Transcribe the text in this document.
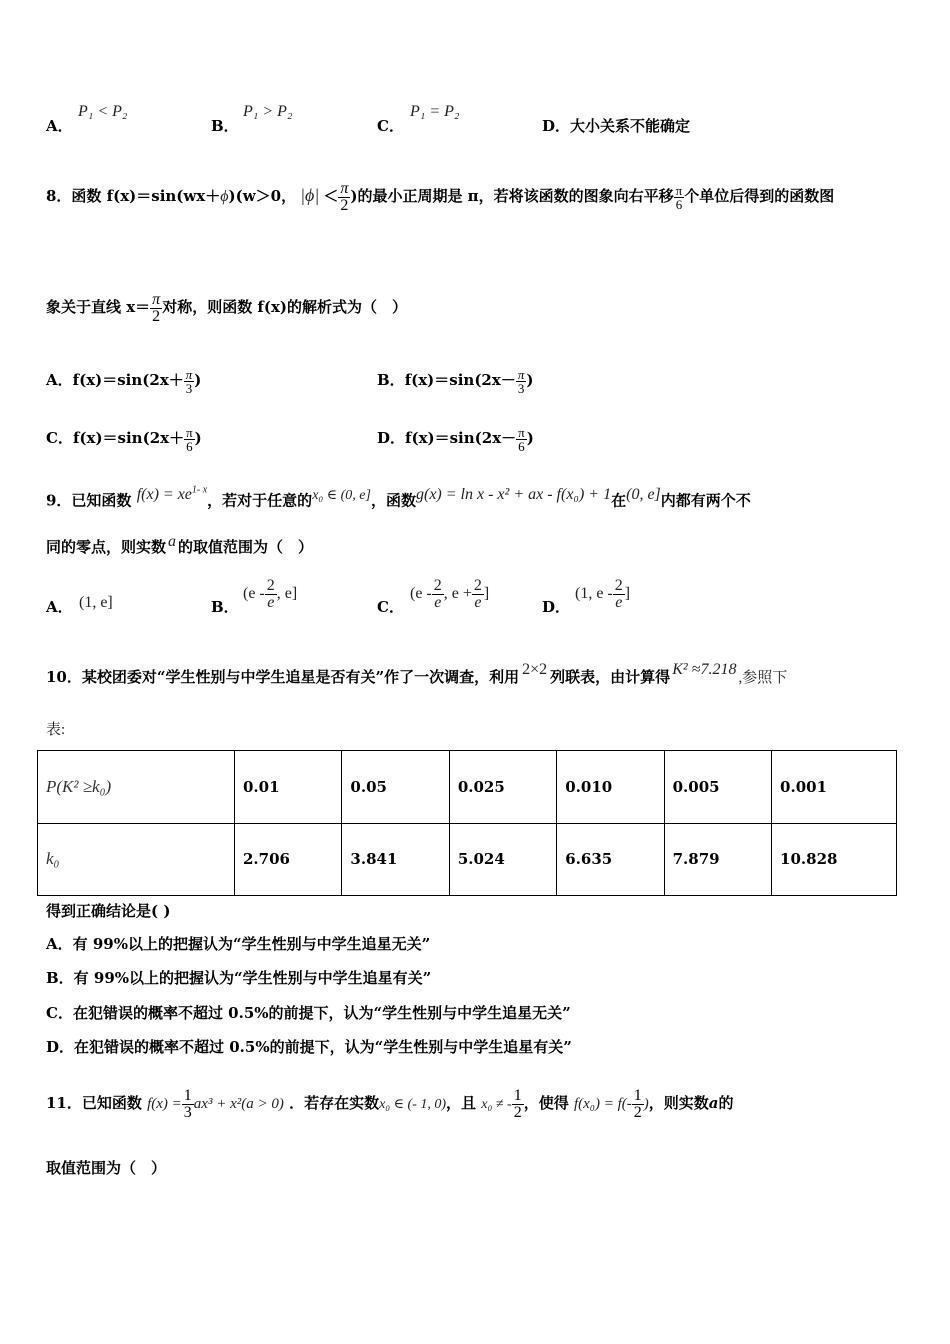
A．
P₁ < P₂
B．
P₁ > P₂
C．
P₁ = P₂
D．大小关系不能确定
8．函数 f(x)＝sin(wx＋ϕ)(w＞0， $|\phi| < \frac{\pi}{2}$ )的最小正周期是 π，若将该函数的图象向右平移 $\frac{\pi}{6}$ 个单位后得到的函数图
象关于直线 $x= \frac{\pi}{2}$ 对称，则函数 f(x)的解析式为（　）
A．$f(x)=\sin(2x+ \frac{\pi}{3}$ )	B．$f(x)=\sin(2x- \frac{\pi}{3}$ )
C．$f(x)=\sin(2x+ \frac{\pi}{6}$ )	D．$f(x)=\sin(2x- \frac{\pi}{6}$ )
9．已知函数 $f(x) = xe^{1- x}$，若对于任意的x₀ ∈ (0, e]，函数g(x) = ln x - x² + ax - f(x₀) + 1在(0, e]内都有两个不
同的零点，则实数 a 的取值范围为（　）
A． (1, e]	B．
($e - \frac{2}{e}$ , e]
C．
($e - \frac{2}{e}$ , $e + \frac{2}{e}$ ]
D．
(1, e - $\frac{2}{e}$ ]
10．某校团委对“学生性别与中学生追星是否有关”作了一次调查，利用 2×2 列联表，由计算得 K² ≈7.218 ,参照下
表:
P(K² ≥k₀)	0.01	0.05	0.025	0.010	0.005	0.001
k₀	2.706	3.841	5.024	6.635	7.879	10.828
得到正确结论是( )
A．有 99%以上的把握认为“学生性别与中学生追星无关”
B．有 99%以上的把握认为“学生性别与中学生追星有关”
C．在犯错误的概率不超过 0.5%的前提下，认为“学生性别与中学生追星无关”
D．在犯错误的概率不超过 0.5%的前提下，认为“学生性别与中学生追星有关”
11．已知函数 $f(x) = \frac{1}{3} ax^3 + x^2(a > 0)$ ．若存在实数x₀ ∈ (- 1, 0)，且 x₀ ≠ - $\frac{1}{2}$ ，使得 $f(x_0) = f(- \frac{1}{2}$ )，则实数a的
取值范围为（　）
